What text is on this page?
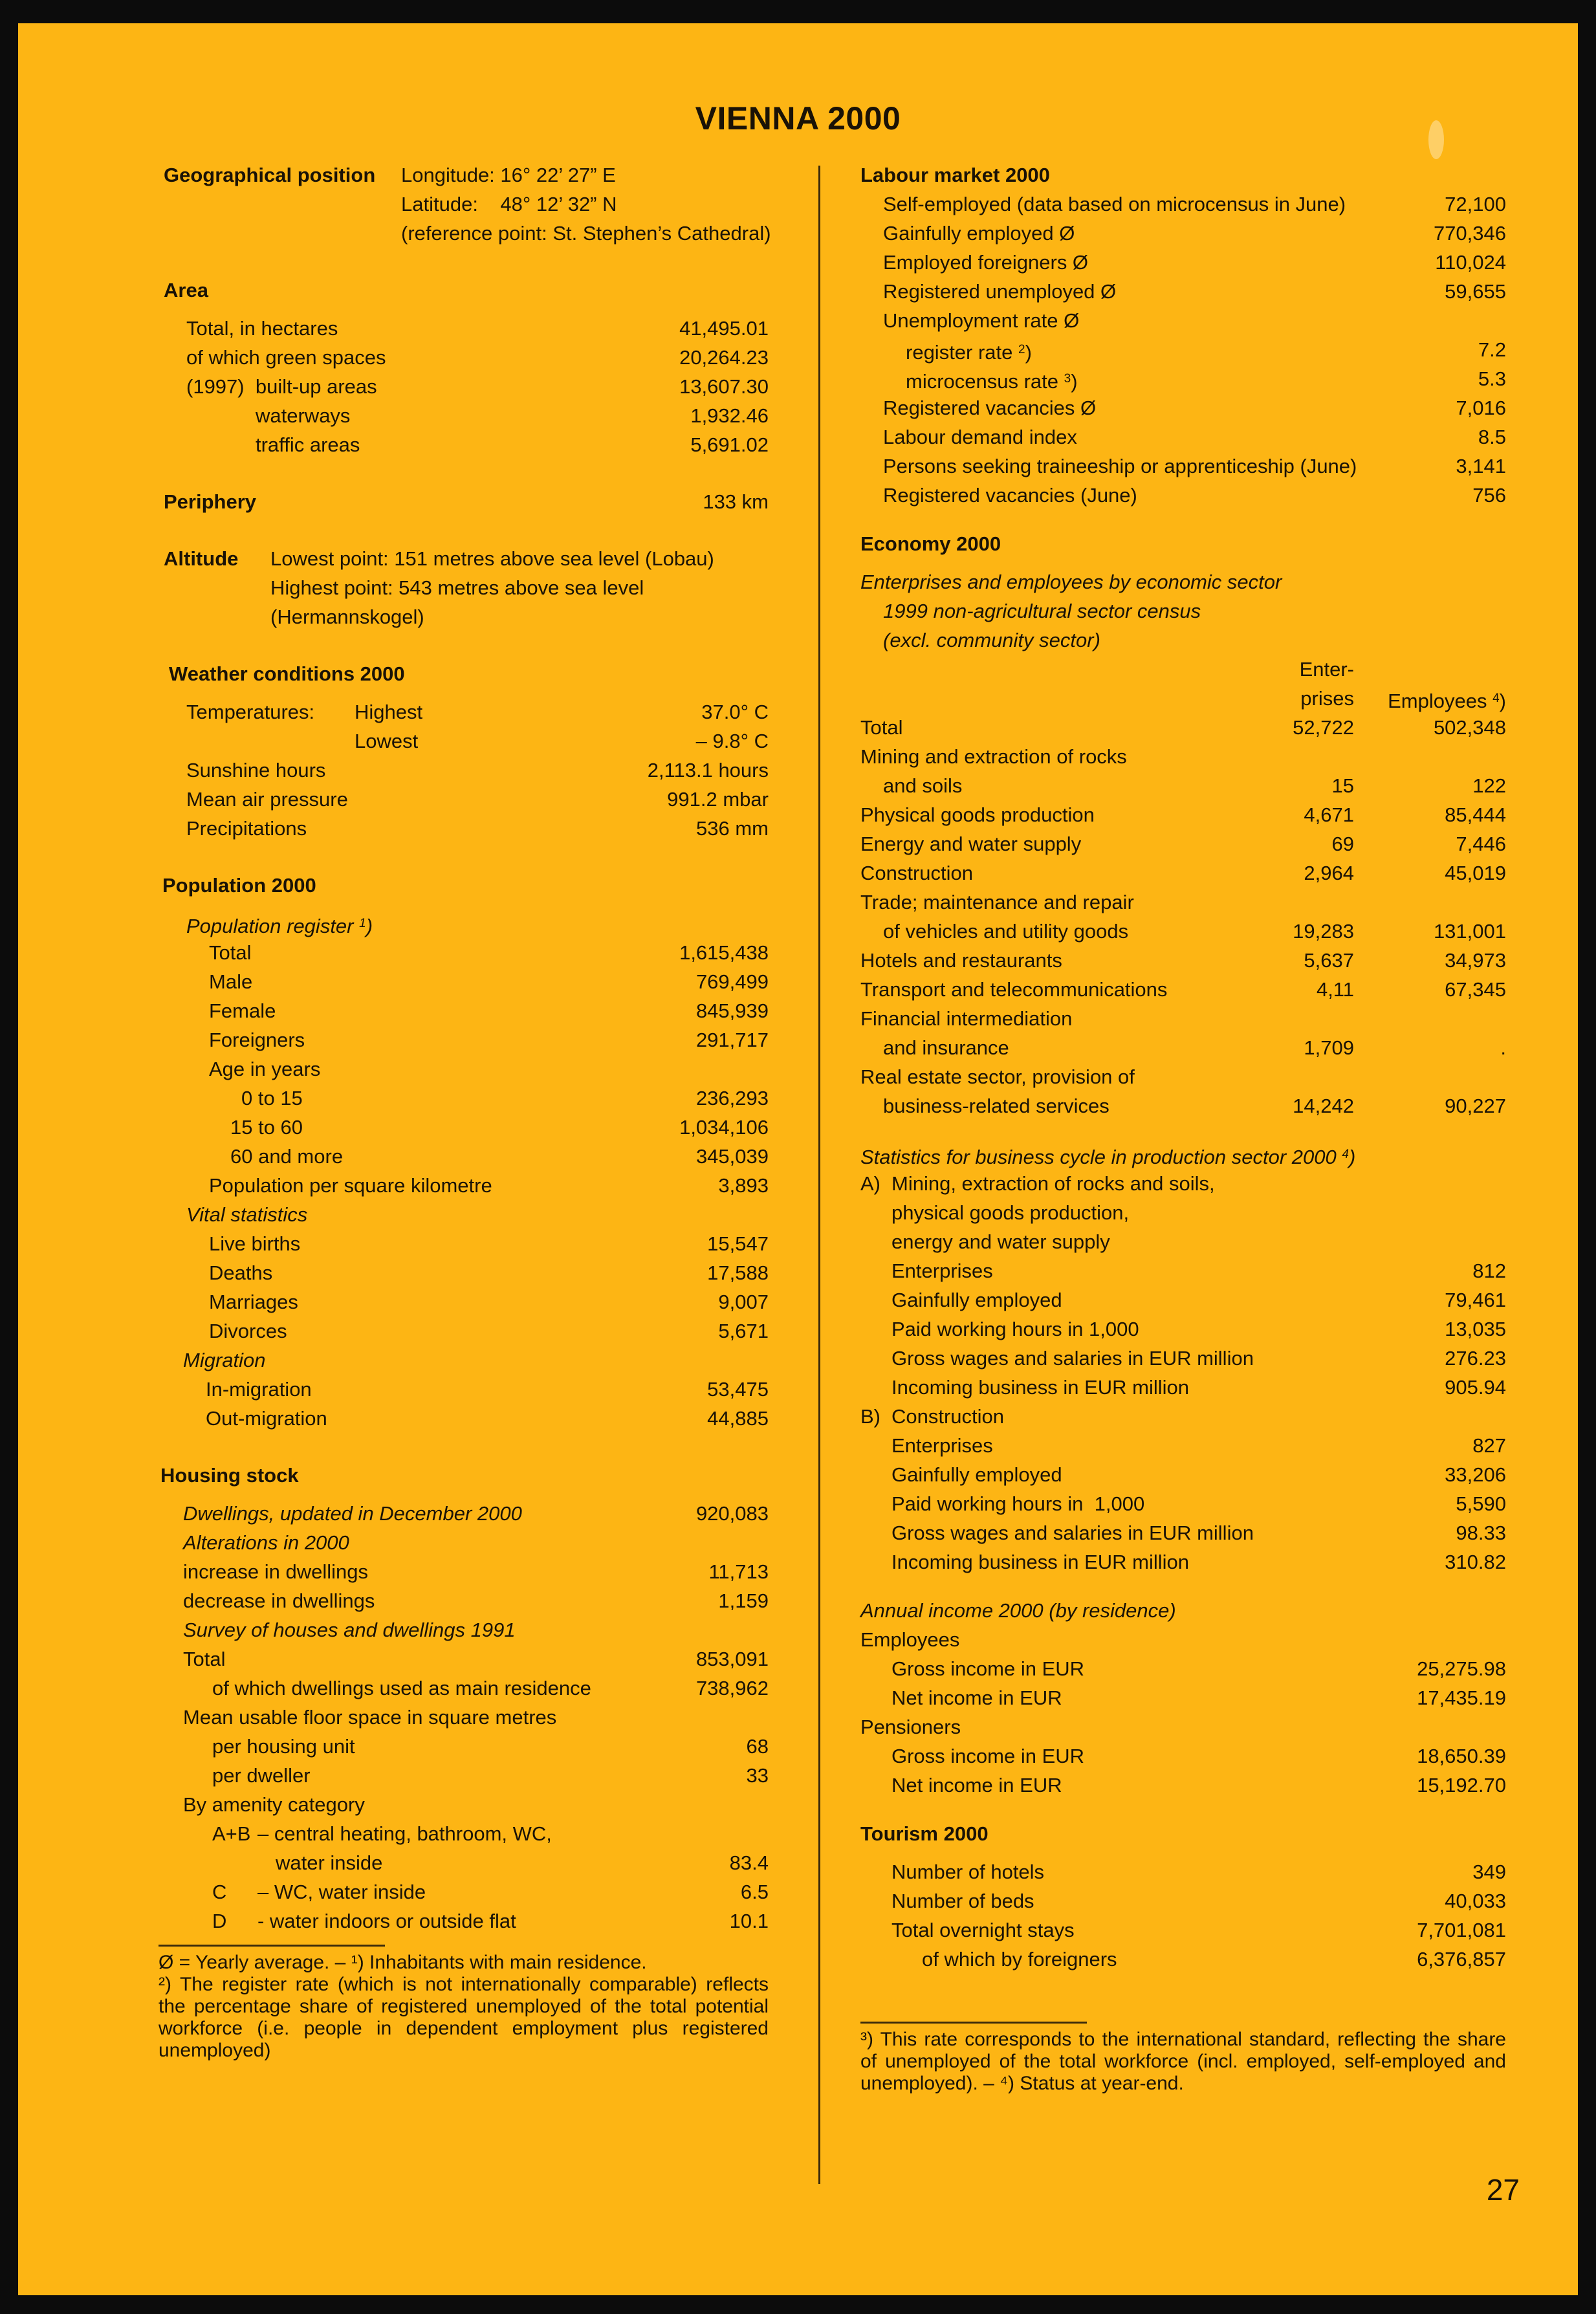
VIENNA 2000
Geographical position Longitude: 16° 22’ 27” E
Latitude:    48° 12’ 32” N
(reference point: St. Stephen’s Cathedral)
Area
Total, in hectares	41,495.01
of which green spaces	20,264.23
(1997)  built-up areas	13,607.30
waterways	1,932.46
traffic areas	5,691.02
Periphery	133 km
Altitude Lowest point: 151 metres above sea level (Lobau)
Highest point: 543 metres above sea level
(Hermannskogel)
Weather conditions 2000
Temperatures: Highest	37.0° C
Lowest	– 9.8° C
Sunshine hours	2,113.1 hours
Mean air pressure	991.2 mbar
Precipitations	536 mm
Population 2000
Population register $^1$)
Total	1,615,438
Male	769,499
Female	845,939
Foreigners	291,717
Age in years
0 to 15	236,293
15 to 60	1,034,106
60 and more	345,039
Population per square kilometre	3,893
Vital statistics
Live births	15,547
Deaths	17,588
Marriages	9,007
Divorces	5,671
Migration
In-migration	53,475
Out-migration	44,885
Housing stock
Dwellings, updated in December 2000	920,083
Alterations in 2000
increase in dwellings	11,713
decrease in dwellings	1,159
Survey of houses and dwellings 1991
Total	853,091
of which dwellings used as main residence	738,962
Mean usable floor space in square metres
per housing unit	68
per dweller	33
By amenity category
A+B – central heating, bathroom, WC,
water inside	83.4
C – WC, water inside	6.5
D - water indoors or outside flat	10.1
Ø = Yearly average. – ¹) Inhabitants with main residence.
²) The register rate (which is not internationally comparable) reflects the percentage share of registered unemployed of the total potential workforce (i.e. people in dependent employment plus registered unemployed)
Labour market 2000
Self-employed (data based on microcensus in June)	72,100
Gainfully employed Ø	770,346
Employed foreigners Ø	110,024
Registered unemployed Ø	59,655
Unemployment rate Ø
register rate $^2$)	7.2
microcensus rate $^3$)	5.3
Registered vacancies Ø	7,016
Labour demand index	8.5
Persons seeking traineeship or apprenticeship (June)	3,141
Registered vacancies (June)	756
Economy 2000
Enterprises and employees by economic sector
1999 non-agricultural sector census
(excl. community sector)
Enter-
prises Employees $^4$)
Total	52,722	502,348
Mining and extraction of rocks
and soils	15	122
Physical goods production	4,671	85,444
Energy and water supply	69	7,446
Construction	2,964	45,019
Trade; maintenance and repair
of vehicles and utility goods	19,283	131,001
Hotels and restaurants	5,637	34,973
Transport and telecommunications	4,11	67,345
Financial intermediation
and insurance	1,709	.
Real estate sector, provision of
business-related services	14,242	90,227
Statistics for business cycle in production sector 2000 $^4$)
A) Mining, extraction of rocks and soils,
physical goods production,
energy and water supply
Enterprises	812
Gainfully employed	79,461
Paid working hours in 1,000	13,035
Gross wages and salaries in EUR million	276.23
Incoming business in EUR million	905.94
B) Construction
Enterprises	827
Gainfully employed	33,206
Paid working hours in  1,000	5,590
Gross wages and salaries in EUR million	98.33
Incoming business in EUR million	310.82
Annual income 2000 (by residence)
Employees
Gross income in EUR	25,275.98
Net income in EUR	17,435.19
Pensioners
Gross income in EUR	18,650.39
Net income in EUR	15,192.70
Tourism 2000
Number of hotels	349
Number of beds	40,033
Total overnight stays	7,701,081
of which by foreigners	6,376,857
³) This rate corresponds to the international standard, reflecting the share of unemployed of the total workforce (incl. employed, self-employed and unemployed). – ⁴) Status at year-end.
27
